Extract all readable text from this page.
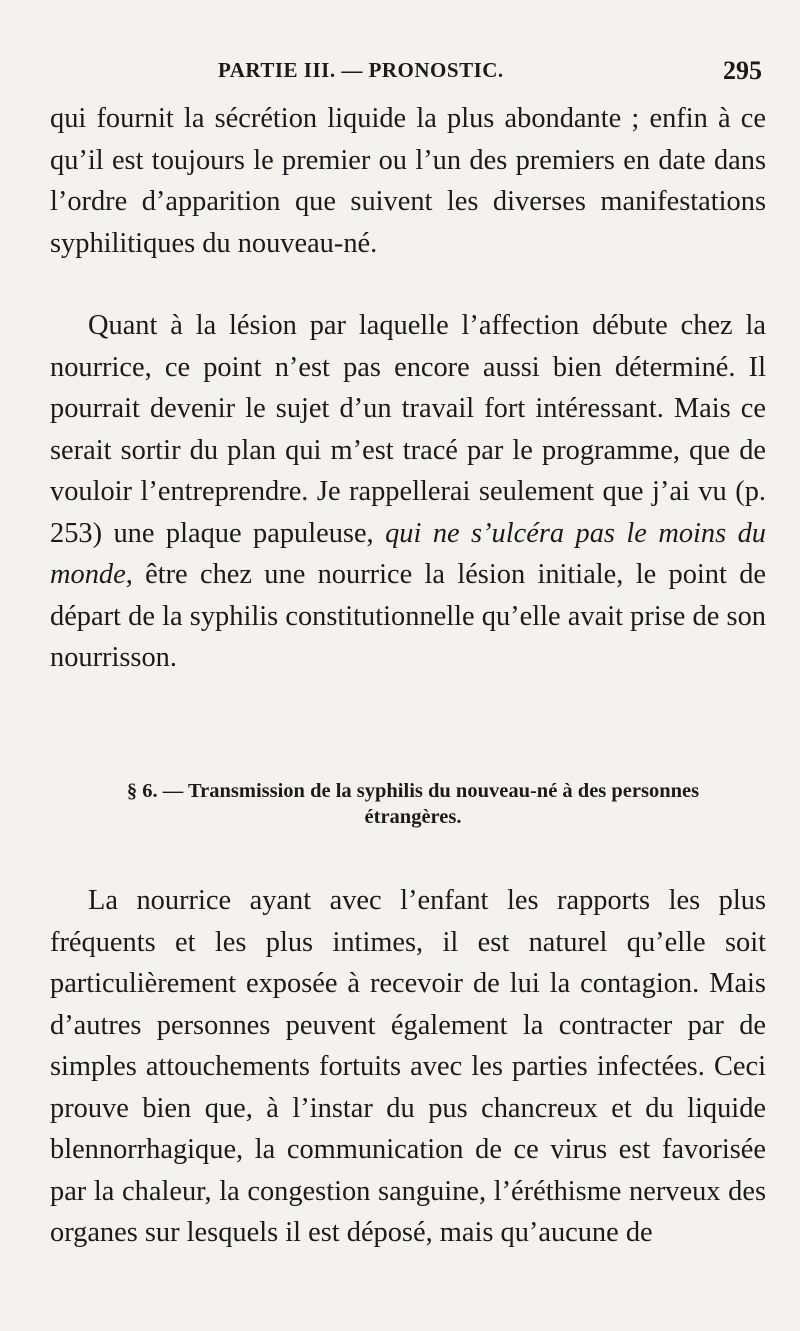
PARTIE III. — PRONOSTIC.	295

qui fournit la sécrétion liquide la plus abondante ; enfin à ce qu’il est toujours le premier ou l’un des premiers en date dans l’ordre d’apparition que suivent les diverses manifestations syphilitiques du nouveau-né.

Quant à la lésion par laquelle l’affection débute chez la nourrice, ce point n’est pas encore aussi bien déterminé. Il pourrait devenir le sujet d’un travail fort intéressant. Mais ce serait sortir du plan qui m’est tracé par le programme, que de vouloir l’entreprendre. Je rappellerai seulement que j’ai vu (p. 253) une plaque papuleuse, qui ne s’ulcéra pas le moins du monde, être chez une nourrice la lésion initiale, le point de départ de la syphilis constitutionnelle qu’elle avait prise de son nourrisson.

§ 6. — Transmission de la syphilis du nouveau-né à des personnes
étrangères.

La nourrice ayant avec l’enfant les rapports les plus fréquents et les plus intimes, il est naturel qu’elle soit particulièrement exposée à recevoir de lui la contagion. Mais d’autres personnes peuvent également la contracter par de simples attouchements fortuits avec les parties infectées. Ceci prouve bien que, à l’instar du pus chancreux et du liquide blennorrhagique, la communication de ce virus est favorisée par la chaleur, la congestion sanguine, l’éréthisme nerveux des organes sur lesquels il est déposé, mais qu’aucune de
